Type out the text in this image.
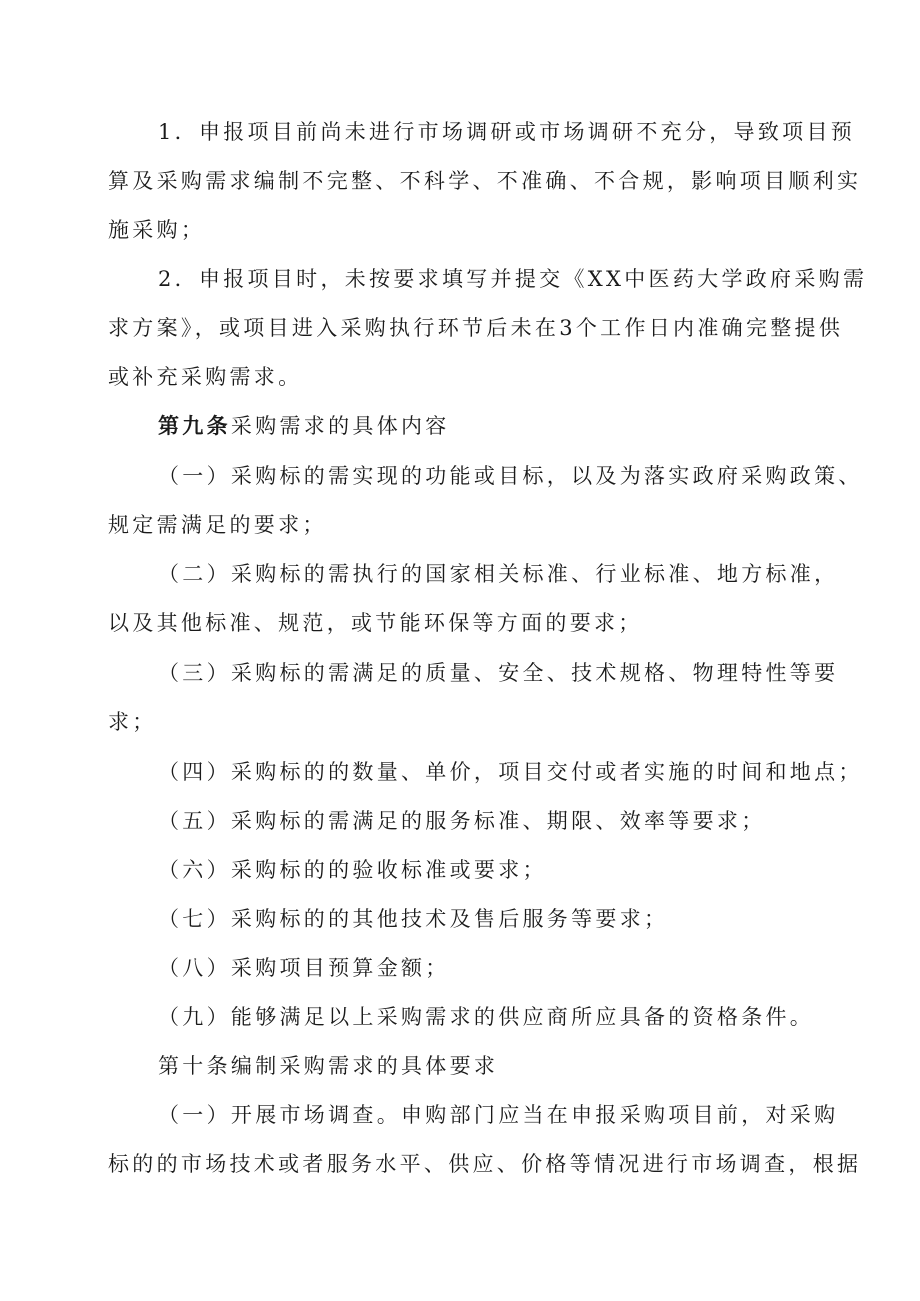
1．申报项目前尚未进行市场调研或市场调研不充分，导致项目预
算及采购需求编制不完整、不科学、不准确、不合规，影响项目顺利实
施采购；
2．申报项目时，未按要求填写并提交《XX中医药大学政府采购需
求方案》，或项目进入采购执行环节后未在3个工作日内准确完整提供
或补充采购需求。
第九条采购需求的具体内容
（一）采购标的需实现的功能或目标，以及为落实政府采购政策、
规定需满足的要求；
（二）采购标的需执行的国家相关标准、行业标准、地方标准，
以及其他标准、规范，或节能环保等方面的要求；
（三）采购标的需满足的质量、安全、技术规格、物理特性等要
求；
（四）采购标的的数量、单价，项目交付或者实施的时间和地点；
（五）采购标的需满足的服务标准、期限、效率等要求；
（六）采购标的的验收标准或要求；
（七）采购标的的其他技术及售后服务等要求；
（八）采购项目预算金额；
（九）能够满足以上采购需求的供应商所应具备的资格条件。
第十条编制采购需求的具体要求
（一）开展市场调查。申购部门应当在申报采购项目前，对采购
标的的市场技术或者服务水平、供应、价格等情况进行市场调查，根据
